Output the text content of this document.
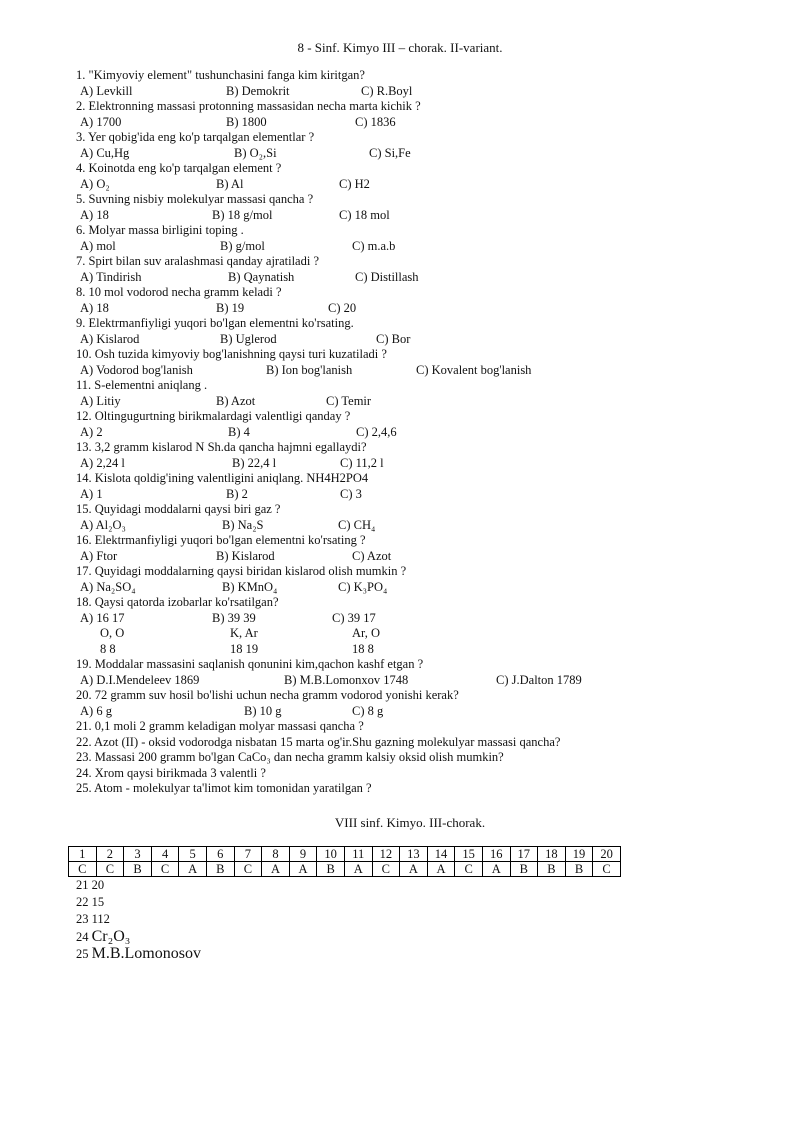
8 - Sinf. Kimyo III – chorak. II-variant.
1. "Kimyoviy element" tushunchasini fanga kim kiritgan?
A) Levkill	B) Demokrit	C) R.Boyl
2. Elektronning massasi protonning massasidan necha marta kichik ?
A) 1700	B) 1800	C) 1836
3. Yer qobig'ida eng ko'p tarqalgan elementlar ?
A) Cu,Hg	B) O₂,Si	C) Si,Fe
4. Koinotda eng ko'p tarqalgan element ?
A) O₂	B) Al	C) H2
5. Suvning nisbiy molekulyar massasi qancha ?
A) 18	B) 18 g/mol	C) 18 mol
6. Molyar massa birligini toping .
A) mol	B) g/mol	C) m.a.b
7. Spirt bilan suv aralashmasi qanday ajratiladi ?
A) Tindirish	B) Qaynatish	C) Distillash
8. 10 mol vodorod necha gramm keladi ?
A) 18	B) 19	C) 20
9. Elektrmanfiyligi yuqori bo'lgan elementni ko'rsating.
A) Kislarod	B) Uglerod	C) Bor
10. Osh tuzida kimyoviy bog'lanishning qaysi turi kuzatiladi ?
A) Vodorod bog'lanish	B) Ion bog'lanish	C) Kovalent bog'lanish
11. S-elementni aniqlang .
A) Litiy	B) Azot	C) Temir
12. Oltingugurtning birikmalardagi valentligi qanday ?
A) 2	B) 4	C) 2,4,6
13. 3,2 gramm kislarod N Sh.da qancha hajmni egallaydi?
A) 2,24 l	B) 22,4 l	C) 11,2 l
14. Kislota qoldig'ining valentligini aniqlang. NH4H2PO4
A) 1	B) 2	C) 3
15. Quyidagi moddalarni qaysi biri gaz ?
A) Al₂O₃	B) Na₂S	C) CH₄
16. Elektrmanfiyligi yuqori bo'lgan elementni ko'rsating ?
A) Ftor	B) Kislarod	C) Azot
17. Quyidagi moddalarning qaysi biridan kislarod olish mumkin ?
A) Na₂SO₄	B) KMnO₄	C) K₃PO₄
18. Qaysi qatorda izobarlar ko'rsatilgan?
A) 16 17	B) 39 39	C) 39 17
O, O	K, Ar	Ar, O
8 8	18 19	18 8
19. Moddalar massasini saqlanish qonunini kim,qachon kashf etgan ?
A) D.I.Mendeleev 1869	B) M.B.Lomonxov 1748	C) J.Dalton 1789
20. 72 gramm suv hosil bo'lishi uchun necha gramm vodorod yonishi kerak?
A) 6 g	B) 10 g	C) 8 g
21. 0,1 moli 2 gramm keladigan molyar massasi qancha ?
22. Azot (II) - oksid vodorodga nisbatan 15 marta og'ir.Shu gazning molekulyar massasi qancha?
23. Massasi 200 gramm bo'lgan CaCo₃ dan necha gramm kalsiy oksid olish mumkin?
24. Xrom qaysi birikmada 3 valentli ?
25. Atom - molekulyar ta'limot kim tomonidan yaratilgan ?
VIII sinf. Kimyo. III-chorak.
1	2	3	4	5	6	7	8	9	10	11	12	13	14	15	16	17	18	19	20
C	C	B	C	A	B	C	A	A	B	A	C	A	A	C	A	B	B	B	C
21 20
22 15
23 112
24 Cr₂O₃
25 M.B.Lomonosov
